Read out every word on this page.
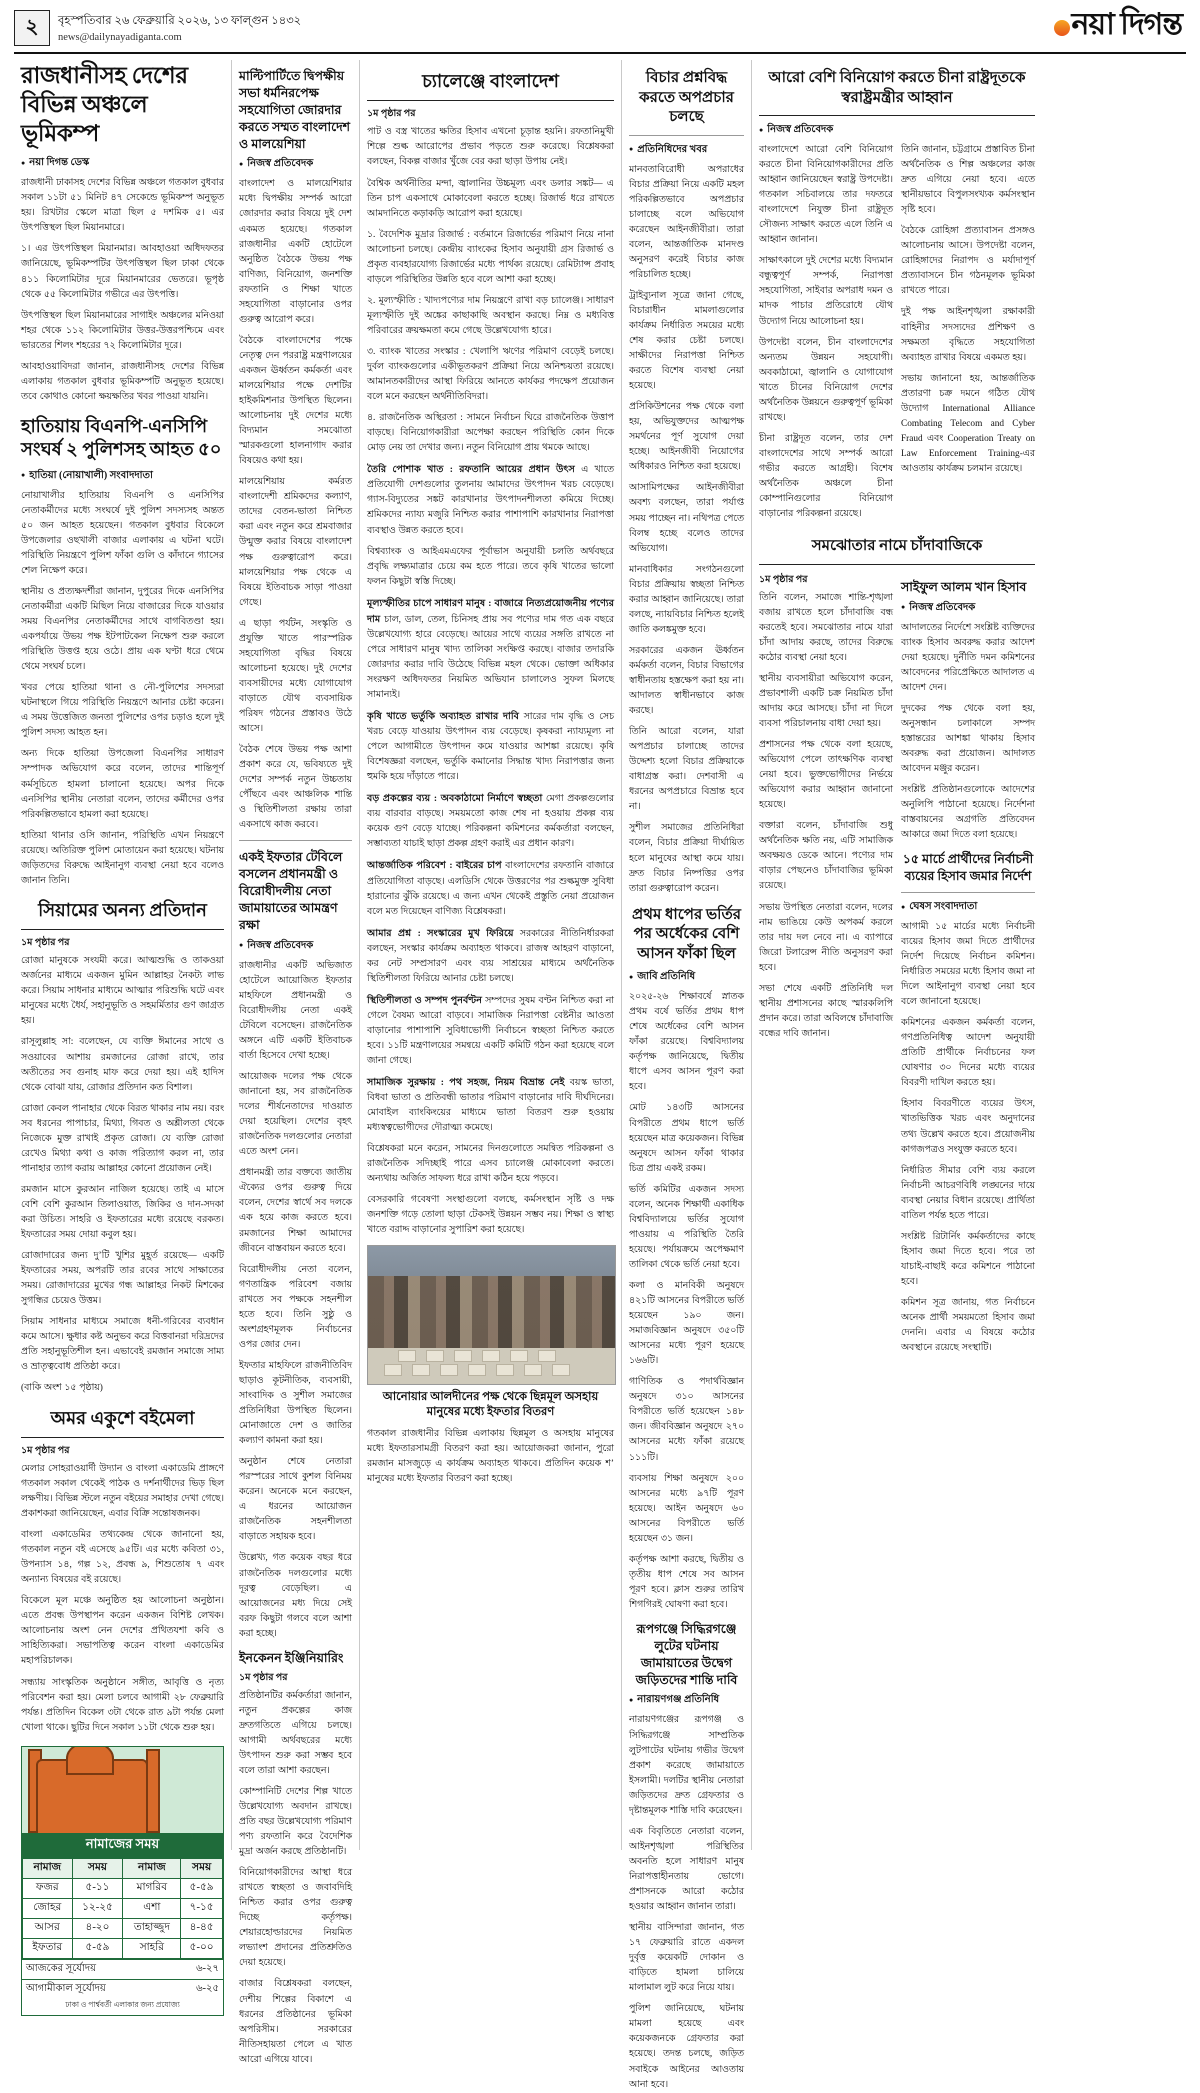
২	বৃহস্পতিবার ২৬ ফেব্রুয়ারি ২০২৬, ১৩ ফাল্গুন ১৪৩২
news@dailynayadiganta.com	নয়া দিগন্ত
রাজধানীসহ দেশের বিভিন্ন অঞ্চলে ভূমিকম্প
● নয়া দিগন্ত ডেস্ক

রাজধানী ঢাকাসহ দেশের বিভিন্ন অঞ্চলে গতকাল বুধবার সকাল ১১টা ৫১ মিনিট ৪৭ সেকেন্ডে ভূমিকম্প অনুভূত হয়। রিখটার স্কেলে মাত্রা ছিল ৫ দশমিক ৫। এর উৎপত্তিস্থল ছিল মিয়ানমারে।

১। এর উৎপত্তিস্থল মিয়ানমার। আবহাওয়া অধিদফতর জানিয়েছে, ভূমিকম্পটির উৎপত্তিস্থল ছিল ঢাকা থেকে ৪১১ কিলোমিটার দূরে মিয়ানমারের ভেতরে। ভূপৃষ্ঠ থেকে ৫৫ কিলোমিটার গভীরে এর উৎপত্তি।

উৎপত্তিস্থল ছিল মিয়ানমারের সাগাইং অঞ্চলের মনিওয়া শহর থেকে ১১২ কিলোমিটার উত্তর-উত্তরপশ্চিমে এবং ভারতের শিলং শহরের ৭২ কিলোমিটার দূরে।

আবহাওয়াবিদরা জানান, রাজধানীসহ দেশের বিভিন্ন এলাকায় গতকাল বুধবার ভূমিকম্পটি অনুভূত হয়েছে। তবে কোথাও কোনো ক্ষয়ক্ষতির খবর পাওয়া যায়নি।

হাতিয়ায় বিএনপি-এনসিপি সংঘর্ষ ২ পুলিশসহ আহত ৫০
● হাতিয়া (নোয়াখালী) সংবাদদাতা

নোয়াখালীর হাতিয়ায় বিএনপি ও এনসিপির নেতাকর্মীদের মধ্যে সংঘর্ষে দুই পুলিশ সদস্যসহ অন্তত ৫০ জন আহত হয়েছেন। গতকাল বুধবার বিকেলে উপজেলার ওছখালী বাজার এলাকায় এ ঘটনা ঘটে। পরিস্থিতি নিয়ন্ত্রণে পুলিশ ফাঁকা গুলি ও কাঁদানে গ্যাসের শেল নিক্ষেপ করে।

স্থানীয় ও প্রত্যক্ষদর্শীরা জানান, দুপুরের দিকে এনসিপির নেতাকর্মীরা একটি মিছিল নিয়ে বাজারের দিকে যাওয়ার সময় বিএনপির নেতাকর্মীদের সাথে বাগবিতণ্ডা হয়। একপর্যায়ে উভয় পক্ষ ইটপাটকেল নিক্ষেপ শুরু করলে পরিস্থিতি উত্তপ্ত হয়ে ওঠে। প্রায় এক ঘণ্টা ধরে থেমে থেমে সংঘর্ষ চলে।

খবর পেয়ে হাতিয়া থানা ও নৌ-পুলিশের সদস্যরা ঘটনাস্থলে গিয়ে পরিস্থিতি নিয়ন্ত্রণে আনার চেষ্টা করেন। এ সময় উত্তেজিত জনতা পুলিশের ওপর চড়াও হলে দুই পুলিশ সদস্য আহত হন।

অন্য দিকে হাতিয়া উপজেলা বিএনপির সাধারণ সম্পাদক অভিযোগ করে বলেন, তাদের শান্তিপূর্ণ কর্মসূচিতে হামলা চালানো হয়েছে। অপর দিকে এনসিপির স্থানীয় নেতারা বলেন, তাদের কর্মীদের ওপর পরিকল্পিতভাবে হামলা করা হয়েছে।

হাতিয়া থানার ওসি জানান, পরিস্থিতি এখন নিয়ন্ত্রণে রয়েছে। অতিরিক্ত পুলিশ মোতায়েন করা হয়েছে। ঘটনায় জড়িতদের বিরুদ্ধে আইনানুগ ব্যবস্থা নেয়া হবে বলেও জানান তিনি।

সিয়ামের অনন্য প্রতিদান
১ম পৃষ্ঠার পর

রোজা মানুষকে সংযমী করে। আত্মশুদ্ধি ও তাকওয়া অর্জনের মাধ্যমে একজন মুমিন আল্লাহর নৈকট্য লাভ করে। সিয়াম সাধনার মাধ্যমে আত্মার পরিশুদ্ধি ঘটে এবং মানুষের মধ্যে ধৈর্য, সহানুভূতি ও সহমর্মিতার গুণ জাগ্রত হয়।

রাসূলুল্লাহ সা: বলেছেন, যে ব্যক্তি ঈমানের সাথে ও সওয়াবের আশায় রমজানের রোজা রাখে, তার অতীতের সব গুনাহ মাফ করে দেয়া হয়। এই হাদিস থেকে বোঝা যায়, রোজার প্রতিদান কত বিশাল।

রোজা কেবল পানাহার থেকে বিরত থাকার নাম নয়। বরং সব ধরনের পাপাচার, মিথ্যা, গিবত ও অশ্লীলতা থেকে নিজেকে মুক্ত রাখাই প্রকৃত রোজা। যে ব্যক্তি রোজা রেখেও মিথ্যা কথা ও কাজ পরিত্যাগ করল না, তার পানাহার ত্যাগ করায় আল্লাহর কোনো প্রয়োজন নেই।

রমজান মাসে কুরআন নাজিল হয়েছে। তাই এ মাসে বেশি বেশি কুরআন তিলাওয়াত, জিকির ও দান-সদকা করা উচিত। সাহরি ও ইফতারের মধ্যে রয়েছে বরকত। ইফতারের সময় দোয়া কবুল হয়।

রোজাদারের জন্য দু’টি খুশির মুহূর্ত রয়েছে— একটি ইফতারের সময়, অপরটি তার রবের সাথে সাক্ষাতের সময়। রোজাদারের মুখের গন্ধ আল্লাহর নিকট মিশকের সুগন্ধির চেয়েও উত্তম।

সিয়াম সাধনার মাধ্যমে সমাজে ধনী-গরিবের ব্যবধান কমে আসে। ক্ষুধার কষ্ট অনুভব করে বিত্তবানরা দরিদ্রদের প্রতি সহানুভূতিশীল হন। এভাবেই রমজান সমাজে সাম্য ও ভ্রাতৃত্ববোধ প্রতিষ্ঠা করে।

(বাকি অংশ ১৫ পৃষ্ঠায়)

অমর একুশে বইমেলা
১ম পৃষ্ঠার পর

মেলার সোহরাওয়ার্দী উদ্যান ও বাংলা একাডেমি প্রাঙ্গণে গতকাল সকাল থেকেই পাঠক ও দর্শনার্থীদের ভিড় ছিল লক্ষণীয়। বিভিন্ন স্টলে নতুন বইয়ের সমাহার দেখা গেছে। প্রকাশকরা জানিয়েছেন, এবার বিক্রি সন্তোষজনক।

বাংলা একাডেমির তথ্যকেন্দ্র থেকে জানানো হয়, গতকাল নতুন বই এসেছে ৯৫টি। এর মধ্যে কবিতা ৩১, উপন্যাস ১৪, গল্প ১২, প্রবন্ধ ৯, শিশুতোষ ৭ এবং অন্যান্য বিষয়ের বই রয়েছে।

বিকেলে মূল মঞ্চে অনুষ্ঠিত হয় আলোচনা অনুষ্ঠান। এতে প্রবন্ধ উপস্থাপন করেন একজন বিশিষ্ট লেখক। আলোচনায় অংশ নেন দেশের প্রথিতযশা কবি ও সাহিত্যিকরা। সভাপতিত্ব করেন বাংলা একাডেমির মহাপরিচালক।

সন্ধ্যায় সাংস্কৃতিক অনুষ্ঠানে সঙ্গীত, আবৃত্তি ও নৃত্য পরিবেশন করা হয়। মেলা চলবে আগামী ২৮ ফেব্রুয়ারি পর্যন্ত। প্রতিদিন বিকেল ৩টা থেকে রাত ৯টা পর্যন্ত মেলা খোলা থাকে। ছুটির দিনে সকাল ১১টা থেকে শুরু হয়।

নামাজের সময়
নামাজ	সময়	নামাজ	সময়
ফজর	৫-১১	মাগরিব	৫-৫৯
জোহর	১২-২৫	এশা	৭-১৫
আসর	৪-২০	তাহাজ্জুদ	৪-৪৫
ইফতার	৫-৫৯	সাহরি	৫-০০
আজকের সূর্যোদয়	৬-২৭
আগামীকাল সূর্যোদয়	৬-২৫
ঢাকা ও পার্শ্ববর্তী এলাকার জন্য প্রযোজ্য
মাল্টিপার্টিতে দ্বিপক্ষীয় সভা ধর্মনিরপেক্ষ সহযোগিতা জোরদার করতে সম্মত বাংলাদেশ ও মালয়েশিয়া
● নিজস্ব প্রতিবেদক

বাংলাদেশ ও মালয়েশিয়ার মধ্যে দ্বিপক্ষীয় সম্পর্ক আরো জোরদার করার বিষয়ে দুই দেশ একমত হয়েছে। গতকাল রাজধানীর একটি হোটেলে অনুষ্ঠিত বৈঠকে উভয় পক্ষ বাণিজ্য, বিনিয়োগ, জনশক্তি রফতানি ও শিক্ষা খাতে সহযোগিতা বাড়ানোর ওপর গুরুত্ব আরোপ করে।

বৈঠকে বাংলাদেশের পক্ষে নেতৃত্ব দেন পররাষ্ট্র মন্ত্রণালয়ের একজন ঊর্ধ্বতন কর্মকর্তা এবং মালয়েশিয়ার পক্ষে দেশটির হাইকমিশনার উপস্থিত ছিলেন। আলোচনায় দুই দেশের মধ্যে বিদ্যমান সমঝোতা স্মারকগুলো হালনাগাদ করার বিষয়েও কথা হয়।

মালয়েশিয়ায় কর্মরত বাংলাদেশী শ্রমিকদের কল্যাণ, তাদের বেতন-ভাতা নিশ্চিত করা এবং নতুন করে শ্রমবাজার উন্মুক্ত করার বিষয়ে বাংলাদেশ পক্ষ গুরুত্বারোপ করে। মালয়েশিয়ার পক্ষ থেকে এ বিষয়ে ইতিবাচক সাড়া পাওয়া গেছে।

এ ছাড়া পর্যটন, সংস্কৃতি ও প্রযুক্তি খাতে পারস্পরিক সহযোগিতা বৃদ্ধির বিষয়ে আলোচনা হয়েছে। দুই দেশের ব্যবসায়ীদের মধ্যে যোগাযোগ বাড়াতে যৌথ ব্যবসায়িক পরিষদ গঠনের প্রস্তাবও উঠে আসে।

বৈঠক শেষে উভয় পক্ষ আশা প্রকাশ করে যে, ভবিষ্যতে দুই দেশের সম্পর্ক নতুন উচ্চতায় পৌঁছবে এবং আঞ্চলিক শান্তি ও স্থিতিশীলতা রক্ষায় তারা একসাথে কাজ করবে।

একই ইফতার টেবিলে বসলেন প্রধানমন্ত্রী ও বিরোধীদলীয় নেতা জামায়াতের আমন্ত্রণ রক্ষা
● নিজস্ব প্রতিবেদক

রাজধানীর একটি অভিজাত হোটেলে আয়োজিত ইফতার মাহফিলে প্রধানমন্ত্রী ও বিরোধীদলীয় নেতা একই টেবিলে বসেছেন। রাজনৈতিক অঙ্গনে এটি একটি ইতিবাচক বার্তা হিসেবে দেখা হচ্ছে।

আয়োজক দলের পক্ষ থেকে জানানো হয়, সব রাজনৈতিক দলের শীর্ষনেতাদের দাওয়াত দেয়া হয়েছিল। দেশের বৃহৎ রাজনৈতিক দলগুলোর নেতারা এতে অংশ নেন।

প্রধানমন্ত্রী তার বক্তব্যে জাতীয় ঐক্যের ওপর গুরুত্ব দিয়ে বলেন, দেশের স্বার্থে সব দলকে এক হয়ে কাজ করতে হবে। রমজানের শিক্ষা আমাদের জীবনে বাস্তবায়ন করতে হবে।

বিরোধীদলীয় নেতা বলেন, গণতান্ত্রিক পরিবেশ বজায় রাখতে সব পক্ষকে সহনশীল হতে হবে। তিনি সুষ্ঠু ও অংশগ্রহণমূলক নির্বাচনের ওপর জোর দেন।

ইফতার মাহফিলে রাজনীতিবিদ ছাড়াও কূটনীতিক, ব্যবসায়ী, সাংবাদিক ও সুশীল সমাজের প্রতিনিধিরা উপস্থিত ছিলেন। মোনাজাতে দেশ ও জাতির কল্যাণ কামনা করা হয়।

অনুষ্ঠান শেষে নেতারা পরস্পরের সাথে কুশল বিনিময় করেন। অনেকে মনে করছেন, এ ধরনের আয়োজন রাজনৈতিক সহনশীলতা বাড়াতে সহায়ক হবে।

উল্লেখ্য, গত কয়েক বছর ধরে রাজনৈতিক দলগুলোর মধ্যে দূরত্ব বেড়েছিল। এ আয়োজনের মধ্য দিয়ে সেই বরফ কিছুটা গলবে বলে আশা করা হচ্ছে।

ইনকেনন ইঞ্জিনিয়ারিং
১ম পৃষ্ঠার পর

প্রতিষ্ঠানটির কর্মকর্তারা জানান, নতুন প্রকল্পের কাজ দ্রুতগতিতে এগিয়ে চলছে। আগামী অর্থবছরের মধ্যে উৎপাদন শুরু করা সম্ভব হবে বলে তারা আশা করছেন।

কোম্পানিটি দেশের শিল্প খাতে উল্লেখযোগ্য অবদান রাখছে। প্রতি বছর উল্লেখযোগ্য পরিমাণ পণ্য রফতানি করে বৈদেশিক মুদ্রা অর্জন করছে প্রতিষ্ঠানটি।

বিনিয়োগকারীদের আস্থা ধরে রাখতে স্বচ্ছতা ও জবাবদিহি নিশ্চিত করার ওপর গুরুত্ব দিচ্ছে কর্তৃপক্ষ। শেয়ারহোল্ডারদের নিয়মিত লভ্যাংশ প্রদানের প্রতিশ্রুতিও দেয়া হয়েছে।

বাজার বিশ্লেষকরা বলছেন, দেশীয় শিল্পের বিকাশে এ ধরনের প্রতিষ্ঠানের ভূমিকা অপরিসীম। সরকারের নীতিসহায়তা পেলে এ খাত আরো এগিয়ে যাবে।

চ্যালেঞ্জে বাংলাদেশ
১ম পৃষ্ঠার পর

পাট ও বস্ত্র খাতের ক্ষতির হিসাব এখনো চূড়ান্ত হয়নি। রফতানিমুখী শিল্পে শুল্ক আরোপের প্রভাব পড়তে শুরু করেছে। বিশ্লেষকরা বলছেন, বিকল্প বাজার খুঁজে বের করা ছাড়া উপায় নেই।

বৈশ্বিক অর্থনীতির মন্দা, জ্বালানির উচ্চমূল্য এবং ডলার সঙ্কট— এ তিন চাপ একসাথে মোকাবেলা করতে হচ্ছে। রিজার্ভ ধরে রাখতে আমদানিতে কড়াকড়ি আরোপ করা হয়েছে।

১. বৈদেশিক মুদ্রার রিজার্ভ : বর্তমানে রিজার্ভের পরিমাণ নিয়ে নানা আলোচনা চলছে। কেন্দ্রীয় ব্যাংকের হিসাব অনুযায়ী গ্রস রিজার্ভ ও প্রকৃত ব্যবহারযোগ্য রিজার্ভের মধ্যে পার্থক্য রয়েছে। রেমিট্যান্স প্রবাহ বাড়লে পরিস্থিতির উন্নতি হবে বলে আশা করা হচ্ছে।

২. মূল্যস্ফীতি : খাদ্যপণ্যের দাম নিয়ন্ত্রণে রাখা বড় চ্যালেঞ্জ। সাধারণ মূল্যস্ফীতি দুই অঙ্কের কাছাকাছি অবস্থান করছে। নিম্ন ও মধ্যবিত্ত পরিবারের ক্রয়ক্ষমতা কমে গেছে উল্লেখযোগ্য হারে।

৩. ব্যাংক খাতের সংস্কার : খেলাপি ঋণের পরিমাণ বেড়েই চলছে। দুর্বল ব্যাংকগুলোর একীভূতকরণ প্রক্রিয়া নিয়ে অনিশ্চয়তা রয়েছে। আমানতকারীদের আস্থা ফিরিয়ে আনতে কার্যকর পদক্ষেপ প্রয়োজন বলে মনে করছেন অর্থনীতিবিদরা।

৪. রাজনৈতিক অস্থিরতা : সামনে নির্বাচন ঘিরে রাজনৈতিক উত্তাপ বাড়ছে। বিনিয়োগকারীরা অপেক্ষা করছেন পরিস্থিতি কোন দিকে মোড় নেয় তা দেখার জন্য। নতুন বিনিয়োগ প্রায় থমকে আছে।

তৈরি পোশাক খাত : রফতানি আয়ের প্রধান উৎস এ খাতে প্রতিযোগী দেশগুলোর তুলনায় আমাদের উৎপাদন খরচ বেড়েছে। গ্যাস-বিদ্যুতের সঙ্কট কারখানার উৎপাদনশীলতা কমিয়ে দিচ্ছে। শ্রমিকদের ন্যায্য মজুরি নিশ্চিত করার পাশাপাশি কারখানার নিরাপত্তা ব্যবস্থাও উন্নত করতে হবে।

বিশ্বব্যাংক ও আইএমএফের পূর্বাভাস অনুযায়ী চলতি অর্থবছরে প্রবৃদ্ধি লক্ষ্যমাত্রার চেয়ে কম হতে পারে। তবে কৃষি খাতের ভালো ফলন কিছুটা স্বস্তি দিচ্ছে।

মূল্যস্ফীতির চাপে সাধারণ মানুষ : বাজারে নিত্যপ্রয়োজনীয় পণ্যের দাম চাল, ডাল, তেল, চিনিসহ প্রায় সব পণ্যের দাম গত এক বছরে উল্লেখযোগ্য হারে বেড়েছে। আয়ের সাথে ব্যয়ের সঙ্গতি রাখতে না পেরে সাধারণ মানুষ খাদ্য তালিকা সংক্ষিপ্ত করছে। বাজার তদারকি জোরদার করার দাবি উঠেছে বিভিন্ন মহল থেকে। ভোক্তা অধিকার সংরক্ষণ অধিদফতর নিয়মিত অভিযান চালালেও সুফল মিলছে সামান্যই।

কৃষি খাতে ভর্তুকি অব্যাহত রাখার দাবি সারের দাম বৃদ্ধি ও সেচ খরচ বেড়ে যাওয়ায় উৎপাদন ব্যয় বেড়েছে। কৃষকরা ন্যায্যমূল্য না পেলে আগামীতে উৎপাদন কমে যাওয়ার আশঙ্কা রয়েছে। কৃষি বিশেষজ্ঞরা বলছেন, ভর্তুকি কমানোর সিদ্ধান্ত খাদ্য নিরাপত্তার জন্য হুমকি হয়ে দাঁড়াতে পারে।

বড় প্রকল্পের ব্যয় : অবকাঠামো নির্মাণে স্বচ্ছতা মেগা প্রকল্পগুলোর ব্যয় বারবার বাড়ছে। সময়মতো কাজ শেষ না হওয়ায় প্রকল্প ব্যয় কয়েক গুণ বেড়ে যাচ্ছে। পরিকল্পনা কমিশনের কর্মকর্তারা বলছেন, সম্ভাব্যতা যাচাই ছাড়া প্রকল্প গ্রহণ করাই এর প্রধান কারণ।

আন্তর্জাতিক পরিবেশ : বাইরের চাপ বাংলাদেশের রফতানি বাজারে প্রতিযোগিতা বাড়ছে। এলডিসি থেকে উত্তরণের পর শুল্কমুক্ত সুবিধা হারানোর ঝুঁকি রয়েছে। এ জন্য এখন থেকেই প্রস্তুতি নেয়া প্রয়োজন বলে মত দিয়েছেন বাণিজ্য বিশ্লেষকরা।

আমার প্রশ্ন : সংস্কারের মুখ ফিরিয়ে সরকারের নীতিনির্ধারকরা বলছেন, সংস্কার কার্যক্রম অব্যাহত থাকবে। রাজস্ব আহরণ বাড়ানো, কর নেট সম্প্রসারণ এবং ব্যয় সাশ্রয়ের মাধ্যমে অর্থনৈতিক স্থিতিশীলতা ফিরিয়ে আনার চেষ্টা চলছে।

স্থিতিশীলতা ও সম্পদ পুনর্বণ্টন সম্পদের সুষম বণ্টন নিশ্চিত করা না গেলে বৈষম্য আরো বাড়বে। সামাজিক নিরাপত্তা বেষ্টনীর আওতা বাড়ানোর পাশাপাশি সুবিধাভোগী নির্বাচনে স্বচ্ছতা নিশ্চিত করতে হবে। ১১টি মন্ত্রণালয়ের সমন্বয়ে একটি কমিটি গঠন করা হয়েছে বলে জানা গেছে।

সামাজিক সুরক্ষায় : পথ সহজ, নিয়ম বিভ্রান্ত নেই বয়স্ক ভাতা, বিধবা ভাতা ও প্রতিবন্ধী ভাতার পরিমাণ বাড়ানোর দাবি দীর্ঘদিনের। মোবাইল ব্যাংকিংয়ের মাধ্যমে ভাতা বিতরণ শুরু হওয়ায় মধ্যস্বত্বভোগীদের দৌরাত্ম্য কমেছে।

বিশ্লেষকরা মনে করেন, সামনের দিনগুলোতে সমন্বিত পরিকল্পনা ও রাজনৈতিক সদিচ্ছাই পারে এসব চ্যালেঞ্জ মোকাবেলা করতে। অন্যথায় অর্জিত সাফল্য ধরে রাখা কঠিন হয়ে পড়বে।

বেসরকারি গবেষণা সংস্থাগুলো বলছে, কর্মসংস্থান সৃষ্টি ও দক্ষ জনশক্তি গড়ে তোলা ছাড়া টেকসই উন্নয়ন সম্ভব নয়। শিক্ষা ও স্বাস্থ্য খাতে বরাদ্দ বাড়ানোর সুপারিশ করা হয়েছে।

আনোয়ার আলদীনের পক্ষ থেকে ছিন্নমূল অসহায় মানুষের মধ্যে ইফতার বিতরণ

গতকাল রাজধানীর বিভিন্ন এলাকায় ছিন্নমূল ও অসহায় মানুষের মধ্যে ইফতারসামগ্রী বিতরণ করা হয়। আয়োজকরা জানান, পুরো রমজান মাসজুড়ে এ কার্যক্রম অব্যাহত থাকবে। প্রতিদিন কয়েক শ’ মানুষের মধ্যে ইফতার বিতরণ করা হচ্ছে।

বিচার প্রশ্নবিদ্ধ করতে অপপ্রচার চলছে
● প্রতিনিধিদের খবর

মানবতাবিরোধী অপরাধের বিচার প্রক্রিয়া নিয়ে একটি মহল পরিকল্পিতভাবে অপপ্রচার চালাচ্ছে বলে অভিযোগ করেছেন আইনজীবীরা। তারা বলেন, আন্তর্জাতিক মানদণ্ড অনুসরণ করেই বিচার কাজ পরিচালিত হচ্ছে।

ট্রাইব্যুনাল সূত্রে জানা গেছে, বিচারাধীন মামলাগুলোর কার্যক্রম নির্ধারিত সময়ের মধ্যে শেষ করার চেষ্টা চলছে। সাক্ষীদের নিরাপত্তা নিশ্চিত করতে বিশেষ ব্যবস্থা নেয়া হয়েছে।

প্রসিকিউশনের পক্ষ থেকে বলা হয়, অভিযুক্তদের আত্মপক্ষ সমর্থনের পূর্ণ সুযোগ দেয়া হচ্ছে। আইনজীবী নিয়োগের অধিকারও নিশ্চিত করা হয়েছে।

আসামিপক্ষের আইনজীবীরা অবশ্য বলছেন, তারা পর্যাপ্ত সময় পাচ্ছেন না। নথিপত্র পেতে বিলম্ব হচ্ছে বলেও তাদের অভিযোগ।

মানবাধিকার সংগঠনগুলো বিচার প্রক্রিয়ায় স্বচ্ছতা নিশ্চিত করার আহ্বান জানিয়েছে। তারা বলছে, ন্যায়বিচার নিশ্চিত হলেই জাতি কলঙ্কমুক্ত হবে।

সরকারের একজন ঊর্ধ্বতন কর্মকর্তা বলেন, বিচার বিভাগের স্বাধীনতায় হস্তক্ষেপ করা হয় না। আদালত স্বাধীনভাবে কাজ করছে।

তিনি আরো বলেন, যারা অপপ্রচার চালাচ্ছে তাদের উদ্দেশ্য হলো বিচার প্রক্রিয়াকে বাধাগ্রস্ত করা। দেশবাসী এ ধরনের অপপ্রচারে বিভ্রান্ত হবে না।

সুশীল সমাজের প্রতিনিধিরা বলেন, বিচার প্রক্রিয়া দীর্ঘায়িত হলে মানুষের আস্থা কমে যায়। দ্রুত বিচার নিষ্পত্তির ওপর তারা গুরুত্বারোপ করেন।

প্রথম ধাপের ভর্তির পর অর্ধেকের বেশি আসন ফাঁকা ছিল
● জাবি প্রতিনিধি

২০২৫-২৬ শিক্ষাবর্ষে স্নাতক প্রথম বর্ষে ভর্তির প্রথম ধাপ শেষে অর্ধেকের বেশি আসন ফাঁকা রয়েছে। বিশ্ববিদ্যালয় কর্তৃপক্ষ জানিয়েছে, দ্বিতীয় ধাপে এসব আসন পূরণ করা হবে।

মোট ১৪৩টি আসনের বিপরীতে প্রথম ধাপে ভর্তি হয়েছেন মাত্র কয়েকজন। বিভিন্ন অনুষদে আসন ফাঁকা থাকার চিত্র প্রায় একই রকম।

ভর্তি কমিটির একজন সদস্য বলেন, অনেক শিক্ষার্থী একাধিক বিশ্ববিদ্যালয়ে ভর্তির সুযোগ পাওয়ায় এ পরিস্থিতি তৈরি হয়েছে। পর্যায়ক্রমে অপেক্ষমাণ তালিকা থেকে ভর্তি নেয়া হবে।

কলা ও মানবিকী অনুষদে ৪২১টি আসনের বিপরীতে ভর্তি হয়েছেন ১৯০ জন। সমাজবিজ্ঞান অনুষদে ৩৫০টি আসনের মধ্যে পূরণ হয়েছে ১৬৬টি।

গাণিতিক ও পদার্থবিজ্ঞান অনুষদে ৩১০ আসনের বিপরীতে ভর্তি হয়েছেন ১৪৮ জন। জীববিজ্ঞান অনুষদে ২৭০ আসনের মধ্যে ফাঁকা রয়েছে ১১১টি।

ব্যবসায় শিক্ষা অনুষদে ২০০ আসনের মধ্যে ৯৭টি পূরণ হয়েছে। আইন অনুষদে ৬০ আসনের বিপরীতে ভর্তি হয়েছেন ৩১ জন।

কর্তৃপক্ষ আশা করছে, দ্বিতীয় ও তৃতীয় ধাপ শেষে সব আসন পূরণ হবে। ক্লাস শুরুর তারিখ শিগগিরই ঘোষণা করা হবে।

রূপগঞ্জে সিদ্ধিরগঞ্জে লুটের ঘটনায় জামায়াতের উদ্বেগ জড়িতদের শান্তি দাবি
● নারায়ণগঞ্জ প্রতিনিধি

নারায়ণগঞ্জের রূপগঞ্জ ও সিদ্ধিরগঞ্জে সাম্প্রতিক লুটপাটের ঘটনায় গভীর উদ্বেগ প্রকাশ করেছে জামায়াতে ইসলামী। দলটির স্থানীয় নেতারা জড়িতদের দ্রুত গ্রেফতার ও দৃষ্টান্তমূলক শাস্তি দাবি করেছেন।

এক বিবৃতিতে নেতারা বলেন, আইনশৃঙ্খলা পরিস্থিতির অবনতি হলে সাধারণ মানুষ নিরাপত্তাহীনতায় ভোগে। প্রশাসনকে আরো কঠোর হওয়ার আহ্বান জানান তারা।

স্থানীয় বাসিন্দারা জানান, গত ১৭ ফেব্রুয়ারি রাতে একদল দুর্বৃত্ত কয়েকটি দোকান ও বাড়িতে হামলা চালিয়ে মালামাল লুট করে নিয়ে যায়।

পুলিশ জানিয়েছে, ঘটনায় মামলা হয়েছে এবং কয়েকজনকে গ্রেফতার করা হয়েছে। তদন্ত চলছে, জড়িত সবাইকে আইনের আওতায় আনা হবে।

আরো বেশি বিনিয়োগ করতে চীনা রাষ্ট্রদূতকে স্বরাষ্ট্রমন্ত্রীর আহ্বান
● নিজস্ব প্রতিবেদক

বাংলাদেশে আরো বেশি বিনিয়োগ করতে চীনা বিনিয়োগকারীদের প্রতি আহ্বান জানিয়েছেন স্বরাষ্ট্র উপদেষ্টা। গতকাল সচিবালয়ে তার দফতরে বাংলাদেশে নিযুক্ত চীনা রাষ্ট্রদূত সৌজন্য সাক্ষাৎ করতে এলে তিনি এ আহ্বান জানান।

সাক্ষাৎকালে দুই দেশের মধ্যে বিদ্যমান বন্ধুত্বপূর্ণ সম্পর্ক, নিরাপত্তা সহযোগিতা, সাইবার অপরাধ দমন ও মাদক পাচার প্রতিরোধে যৌথ উদ্যোগ নিয়ে আলোচনা হয়।

উপদেষ্টা বলেন, চীন বাংলাদেশের অন্যতম উন্নয়ন সহযোগী। অবকাঠামো, জ্বালানি ও যোগাযোগ খাতে চীনের বিনিয়োগ দেশের অর্থনৈতিক উন্নয়নে গুরুত্বপূর্ণ ভূমিকা রাখছে।

চীনা রাষ্ট্রদূত বলেন, তার দেশ বাংলাদেশের সাথে সম্পর্ক আরো গভীর করতে আগ্রহী। বিশেষ অর্থনৈতিক অঞ্চলে চীনা কোম্পানিগুলোর বিনিয়োগ বাড়ানোর পরিকল্পনা রয়েছে।

তিনি জানান, চট্টগ্রামে প্রস্তাবিত চীনা অর্থনৈতিক ও শিল্প অঞ্চলের কাজ দ্রুত এগিয়ে নেয়া হবে। এতে স্থানীয়ভাবে বিপুলসংখ্যক কর্মসংস্থান সৃষ্টি হবে।

বৈঠকে রোহিঙ্গা প্রত্যাবাসন প্রসঙ্গও আলোচনায় আসে। উপদেষ্টা বলেন, রোহিঙ্গাদের নিরাপদ ও মর্যাদাপূর্ণ প্রত্যাবাসনে চীন গঠনমূলক ভূমিকা রাখতে পারে।

দুই পক্ষ আইনশৃঙ্খলা রক্ষাকারী বাহিনীর সদস্যদের প্রশিক্ষণ ও সক্ষমতা বৃদ্ধিতে সহযোগিতা অব্যাহত রাখার বিষয়ে একমত হয়।

সভায় জানানো হয়, আন্তর্জাতিক প্রতারণা চক্র দমনে গঠিত যৌথ উদ্যোগ International Alliance Combating Telecom and Cyber Fraud এবং Cooperation Treaty on Law Enforcement Training-এর আওতায় কার্যক্রম চলমান রয়েছে।

সমঝোতার নামে চাঁদাবাজিকে
১ম পৃষ্ঠার পর

তিনি বলেন, সমাজে শান্তি-শৃঙ্খলা বজায় রাখতে হলে চাঁদাবাজি বন্ধ করতেই হবে। সমঝোতার নামে যারা চাঁদা আদায় করছে, তাদের বিরুদ্ধে কঠোর ব্যবস্থা নেয়া হবে।

স্থানীয় ব্যবসায়ীরা অভিযোগ করেন, প্রভাবশালী একটি চক্র নিয়মিত চাঁদা আদায় করে আসছে। চাঁদা না দিলে ব্যবসা পরিচালনায় বাধা দেয়া হয়।

প্রশাসনের পক্ষ থেকে বলা হয়েছে, অভিযোগ পেলে তাৎক্ষণিক ব্যবস্থা নেয়া হবে। ভুক্তভোগীদের নির্ভয়ে অভিযোগ করার আহ্বান জানানো হয়েছে।

বক্তারা বলেন, চাঁদাবাজি শুধু অর্থনৈতিক ক্ষতি নয়, এটি সামাজিক অবক্ষয়ও ডেকে আনে। পণ্যের দাম বাড়ার পেছনেও চাঁদাবাজির ভূমিকা রয়েছে।

সভায় উপস্থিত নেতারা বলেন, দলের নাম ভাঙিয়ে কেউ অপকর্ম করলে তার দায় দল নেবে না। এ ব্যাপারে জিরো টলারেন্স নীতি অনুসরণ করা হবে।

সভা শেষে একটি প্রতিনিধি দল স্থানীয় প্রশাসনের কাছে স্মারকলিপি প্রদান করে। তারা অবিলম্বে চাঁদাবাজি বন্ধের দাবি জানান।

সাইফুল আলম খান হিসাব
● নিজস্ব প্রতিবেদক

আদালতের নির্দেশে সংশ্লিষ্ট ব্যক্তিদের ব্যাংক হিসাব অবরুদ্ধ করার আদেশ দেয়া হয়েছে। দুর্নীতি দমন কমিশনের আবেদনের পরিপ্রেক্ষিতে আদালত এ আদেশ দেন।

দুদকের পক্ষ থেকে বলা হয়, অনুসন্ধান চলাকালে সম্পদ হস্তান্তরের আশঙ্কা থাকায় হিসাব অবরুদ্ধ করা প্রয়োজন। আদালত আবেদন মঞ্জুর করেন।

সংশ্লিষ্ট প্রতিষ্ঠানগুলোকে আদেশের অনুলিপি পাঠানো হয়েছে। নির্দেশনা বাস্তবায়নের অগ্রগতি প্রতিবেদন আকারে জমা দিতে বলা হয়েছে।

১৫ মার্চে প্রার্থীদের নির্বাচনী ব্যয়ের হিসাব জমার নির্দেশ
● ঘেষস সংবাদদাতা

আগামী ১৫ মার্চের মধ্যে নির্বাচনী ব্যয়ের হিসাব জমা দিতে প্রার্থীদের নির্দেশ দিয়েছে নির্বাচন কমিশন। নির্ধারিত সময়ের মধ্যে হিসাব জমা না দিলে আইনানুগ ব্যবস্থা নেয়া হবে বলে জানানো হয়েছে।

কমিশনের একজন কর্মকর্তা বলেন, গণপ্রতিনিধিত্ব আদেশ অনুযায়ী প্রতিটি প্রার্থীকে নির্বাচনের ফল ঘোষণার ৩০ দিনের মধ্যে ব্যয়ের বিবরণী দাখিল করতে হয়।

হিসাব বিবরণীতে ব্যয়ের উৎস, খাতভিত্তিক খরচ এবং অনুদানের তথ্য উল্লেখ করতে হবে। প্রয়োজনীয় কাগজপত্রও সংযুক্ত করতে হবে।

নির্ধারিত সীমার বেশি ব্যয় করলে নির্বাচনী আচরণবিধি লঙ্ঘনের দায়ে ব্যবস্থা নেয়ার বিধান রয়েছে। প্রার্থিতা বাতিল পর্যন্ত হতে পারে।

সংশ্লিষ্ট রিটার্নিং কর্মকর্তাদের কাছে হিসাব জমা দিতে হবে। পরে তা যাচাই-বাছাই করে কমিশনে পাঠানো হবে।

কমিশন সূত্র জানায়, গত নির্বাচনে অনেক প্রার্থী সময়মতো হিসাব জমা দেননি। এবার এ বিষয়ে কঠোর অবস্থানে রয়েছে সংস্থাটি।
